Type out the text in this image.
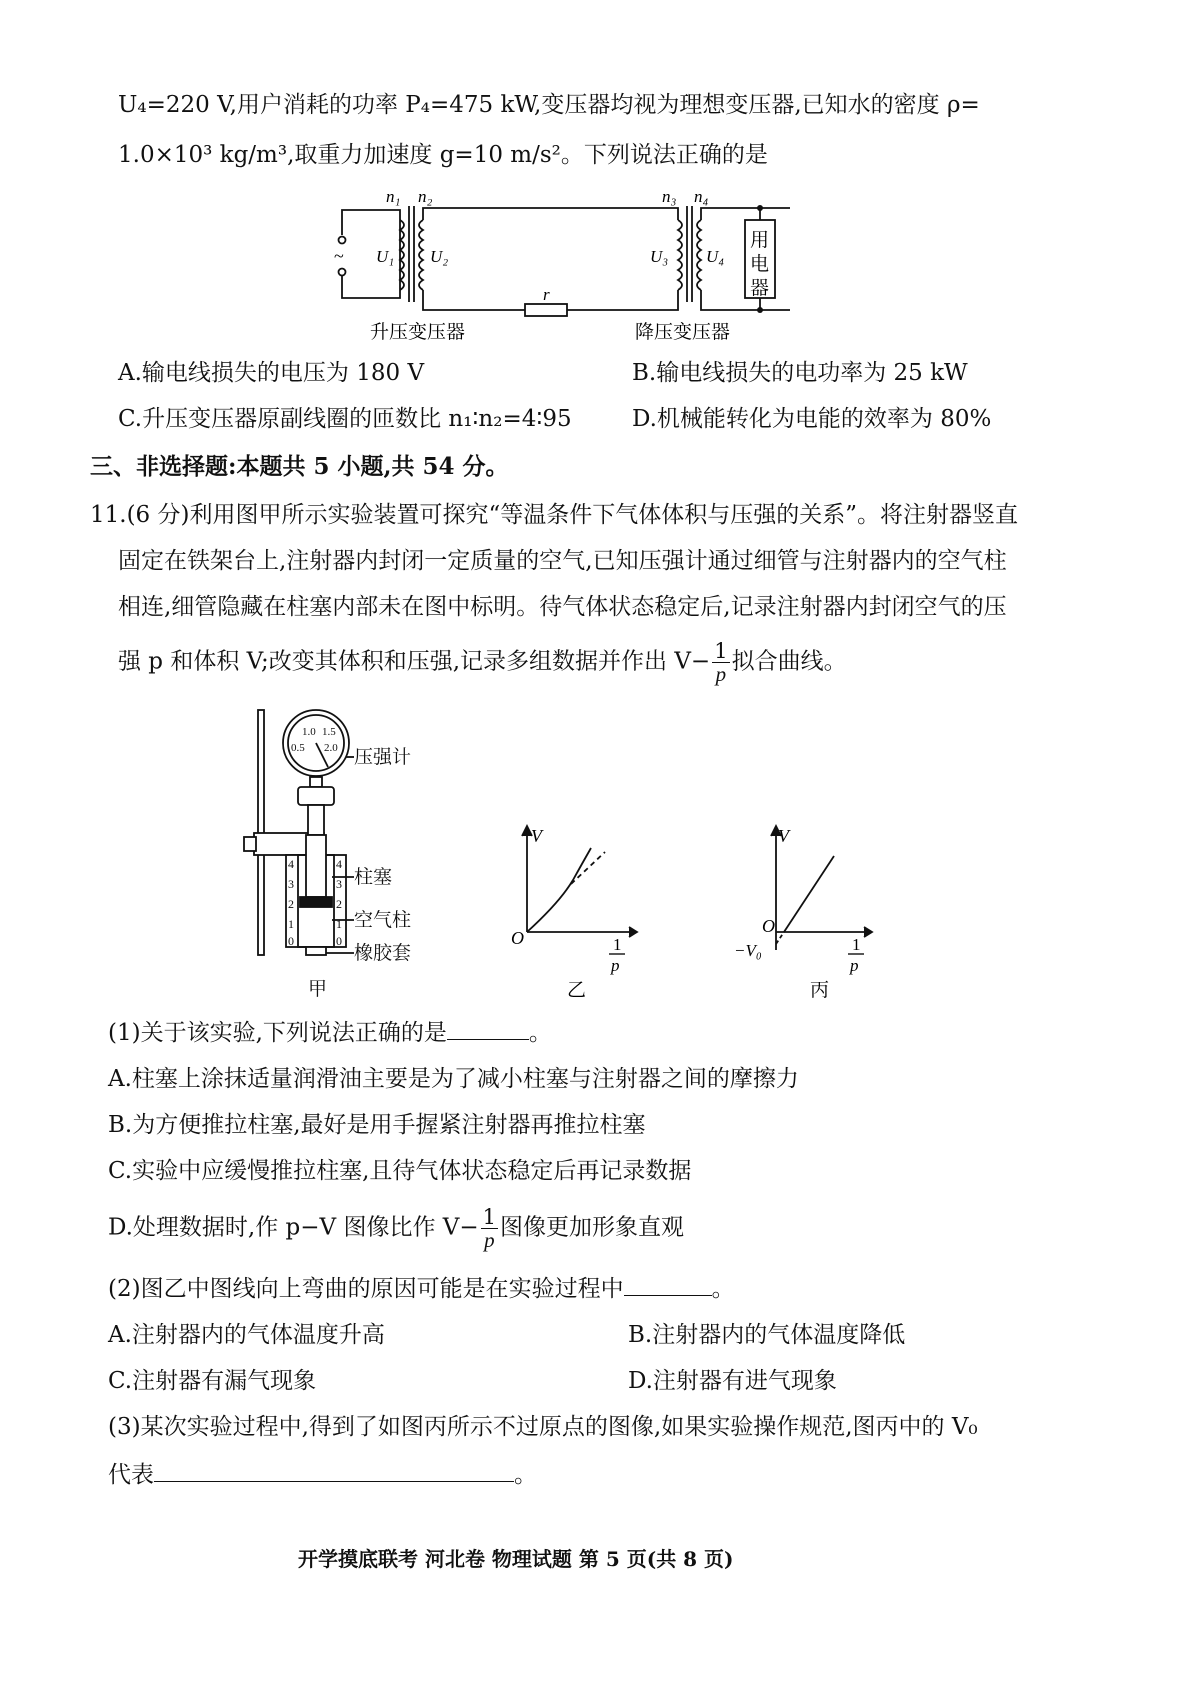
U₄=220 V,用户消耗的功率 P₄=475 kW,变压器均视为理想变压器,已知水的密度 ρ=
1.0×10³ kg/m³,取重力加速度 g=10 m/s²。下列说法正确的是
n₁ n₂	n₃ n₄
U₁ U₂	U₃ U₄
r
~
用
电
器
升压变压器	降压变压器
A.输电线损失的电压为 180 V	B.输电线损失的电功率为 25 kW
C.升压变压器原副线圈的匝数比 n₁∶n₂=4∶95	D.机械能转化为电能的效率为 80%
三、非选择题:本题共 5 小题,共 54 分。
11.(6 分)利用图甲所示实验装置可探究“等温条件下气体体积与压强的关系”。将注射器竖直
固定在铁架台上,注射器内封闭一定质量的空气,已知压强计通过细管与注射器内的空气柱
相连,细管隐藏在柱塞内部未在图中标明。待气体状态稳定后,记录注射器内封闭空气的压
强 p 和体积 V;改变其体积和压强,记录多组数据并作出 $V- \frac{1}{p}$ 拟合曲线。
0.5
1.0 1.5
2.0
4
3
2
1
0
4
3
2
1
0
压强计
柱塞
空气柱
橡胶套
甲
V
O	1
p
乙
V
O
−V₀	1
p
丙
(1)关于该实验,下列说法正确的是	。
A.柱塞上涂抹适量润滑油主要是为了减小柱塞与注射器之间的摩擦力
B.为方便推拉柱塞,最好是用手握紧注射器再推拉柱塞
C.实验中应缓慢推拉柱塞,且待气体状态稳定后再记录数据
D.处理数据时,作 p−V 图像比作 $V- \frac{1}{p}$ 图像更加形象直观
(2)图乙中图线向上弯曲的原因可能是在实验过程中	。
A.注射器内的气体温度升高	B.注射器内的气体温度降低
C.注射器有漏气现象	D.注射器有进气现象
(3)某次实验过程中,得到了如图丙所示不过原点的图像,如果实验操作规范,图丙中的 V₀
代表	。
开学摸底联考 河北卷 物理试题 第 5 页(共 8 页)
